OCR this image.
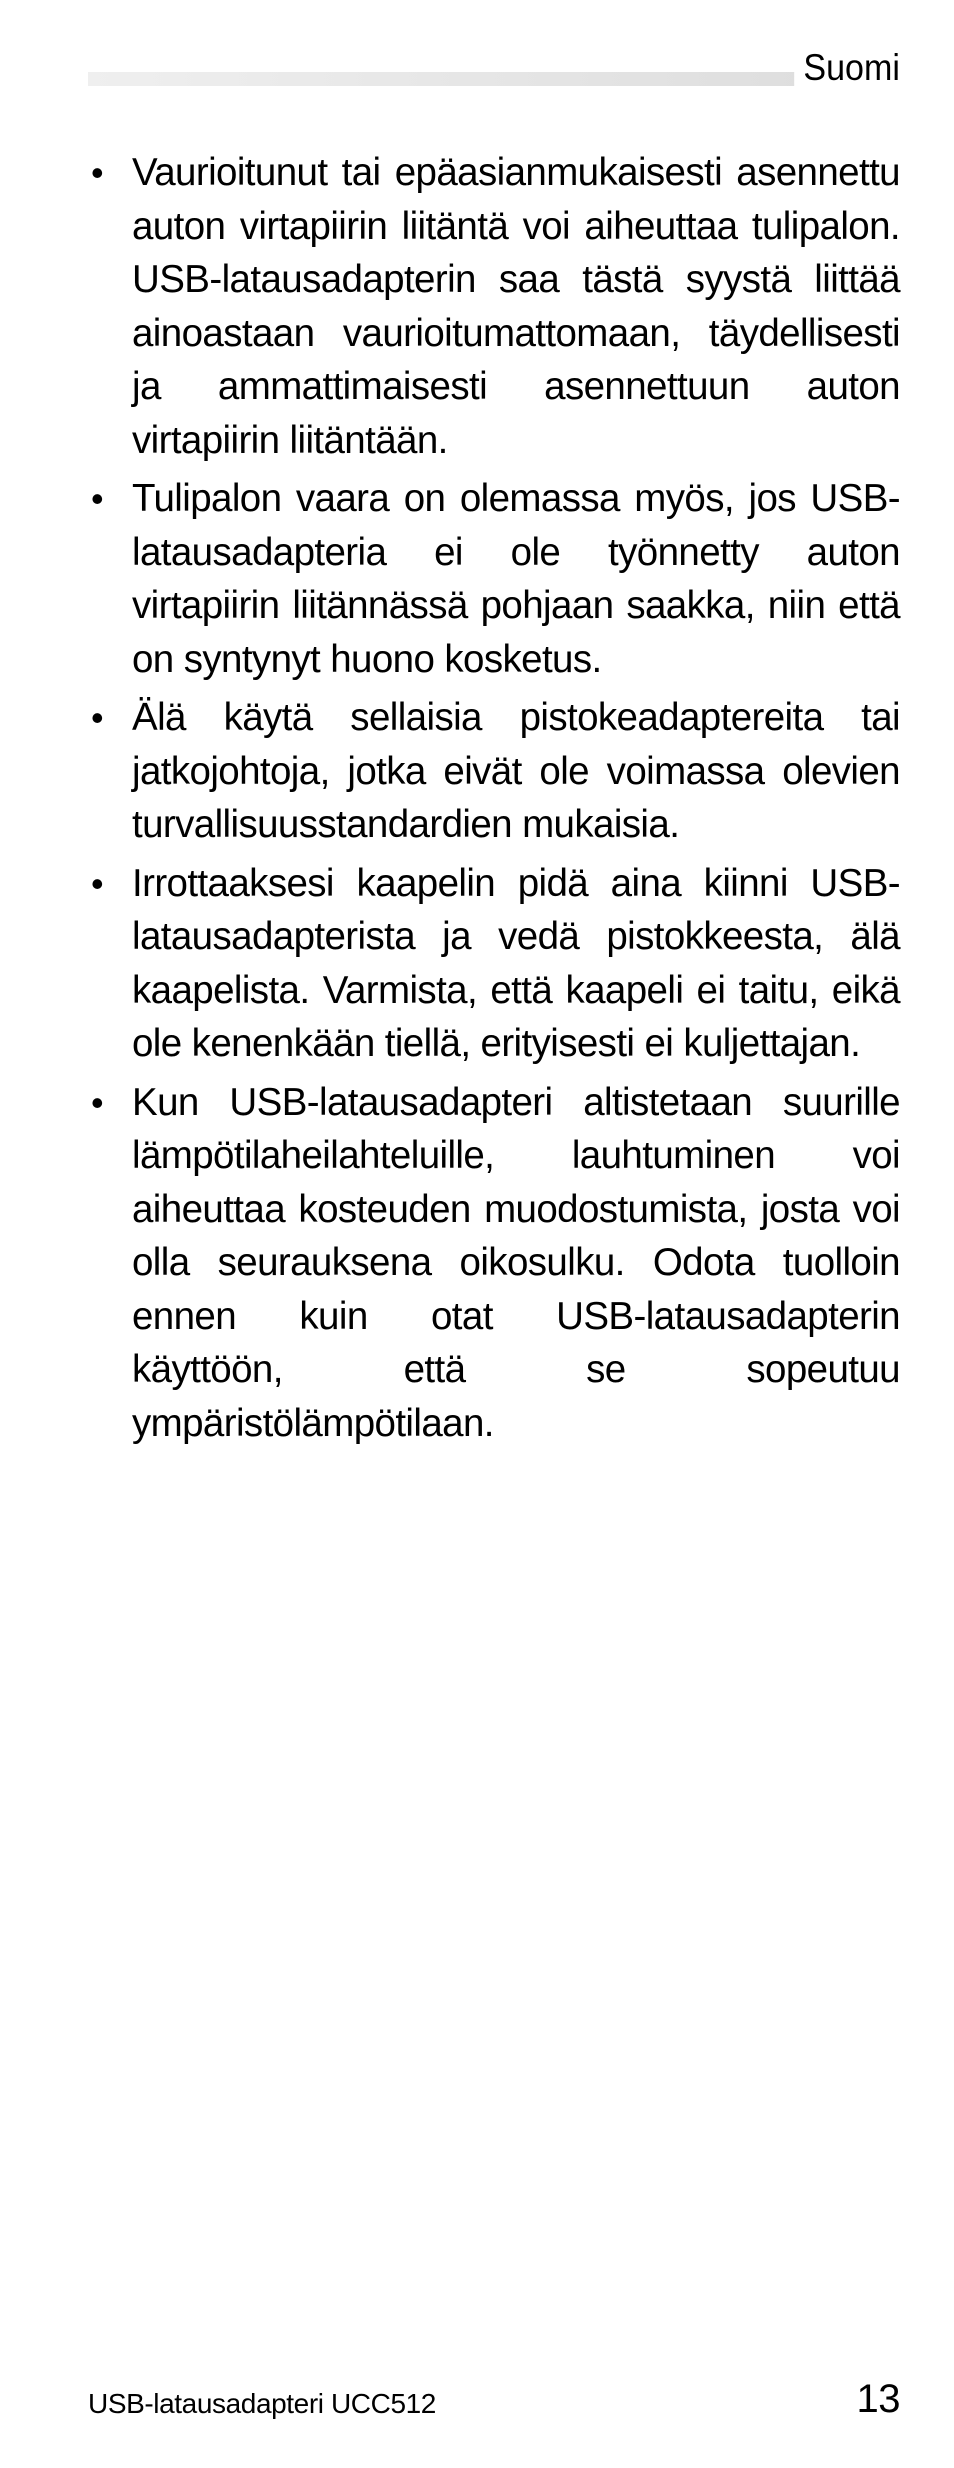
Suomi
• Vaurioitunut tai epäasianmukaisesti asennettu auton virtapiirin liitäntä voi aiheuttaa tulipalon. USB-latausadapterin saa tästä syystä liittää ainoastaan vaurioitumattomaan, täydellisesti ja ammattimaisesti asennettuun auton virtapiirin liitäntään.
• Tulipalon vaara on olemassa myös, jos USB-latausadapteria ei ole työnnetty auton virtapiirin liitännässä pohjaan saakka, niin että on syntynyt huono kosketus.
• Älä käytä sellaisia pistokeadaptereita tai jatkojohtoja, jotka eivät ole voimassa olevien turvallisuusstandardien mukaisia.
• Irrottaaksesi kaapelin pidä aina kiinni USB-latausadapterista ja vedä pistokkeesta, älä kaapelista. Varmista, että kaapeli ei taitu, eikä ole kenenkään tiellä, erityisesti ei kuljettajan.
• Kun USB-latausadapteri altistetaan suurille lämpötilaheilahteluille, lauhtuminen voi aiheuttaa kosteuden muodostumista, josta voi olla seurauksena oikosulku. Odota tuolloin ennen kuin otat USB-latausadapterin käyttöön, että se sopeutuu ympäristölämpötilaan.
USB-latausadapteri UCC512	13
